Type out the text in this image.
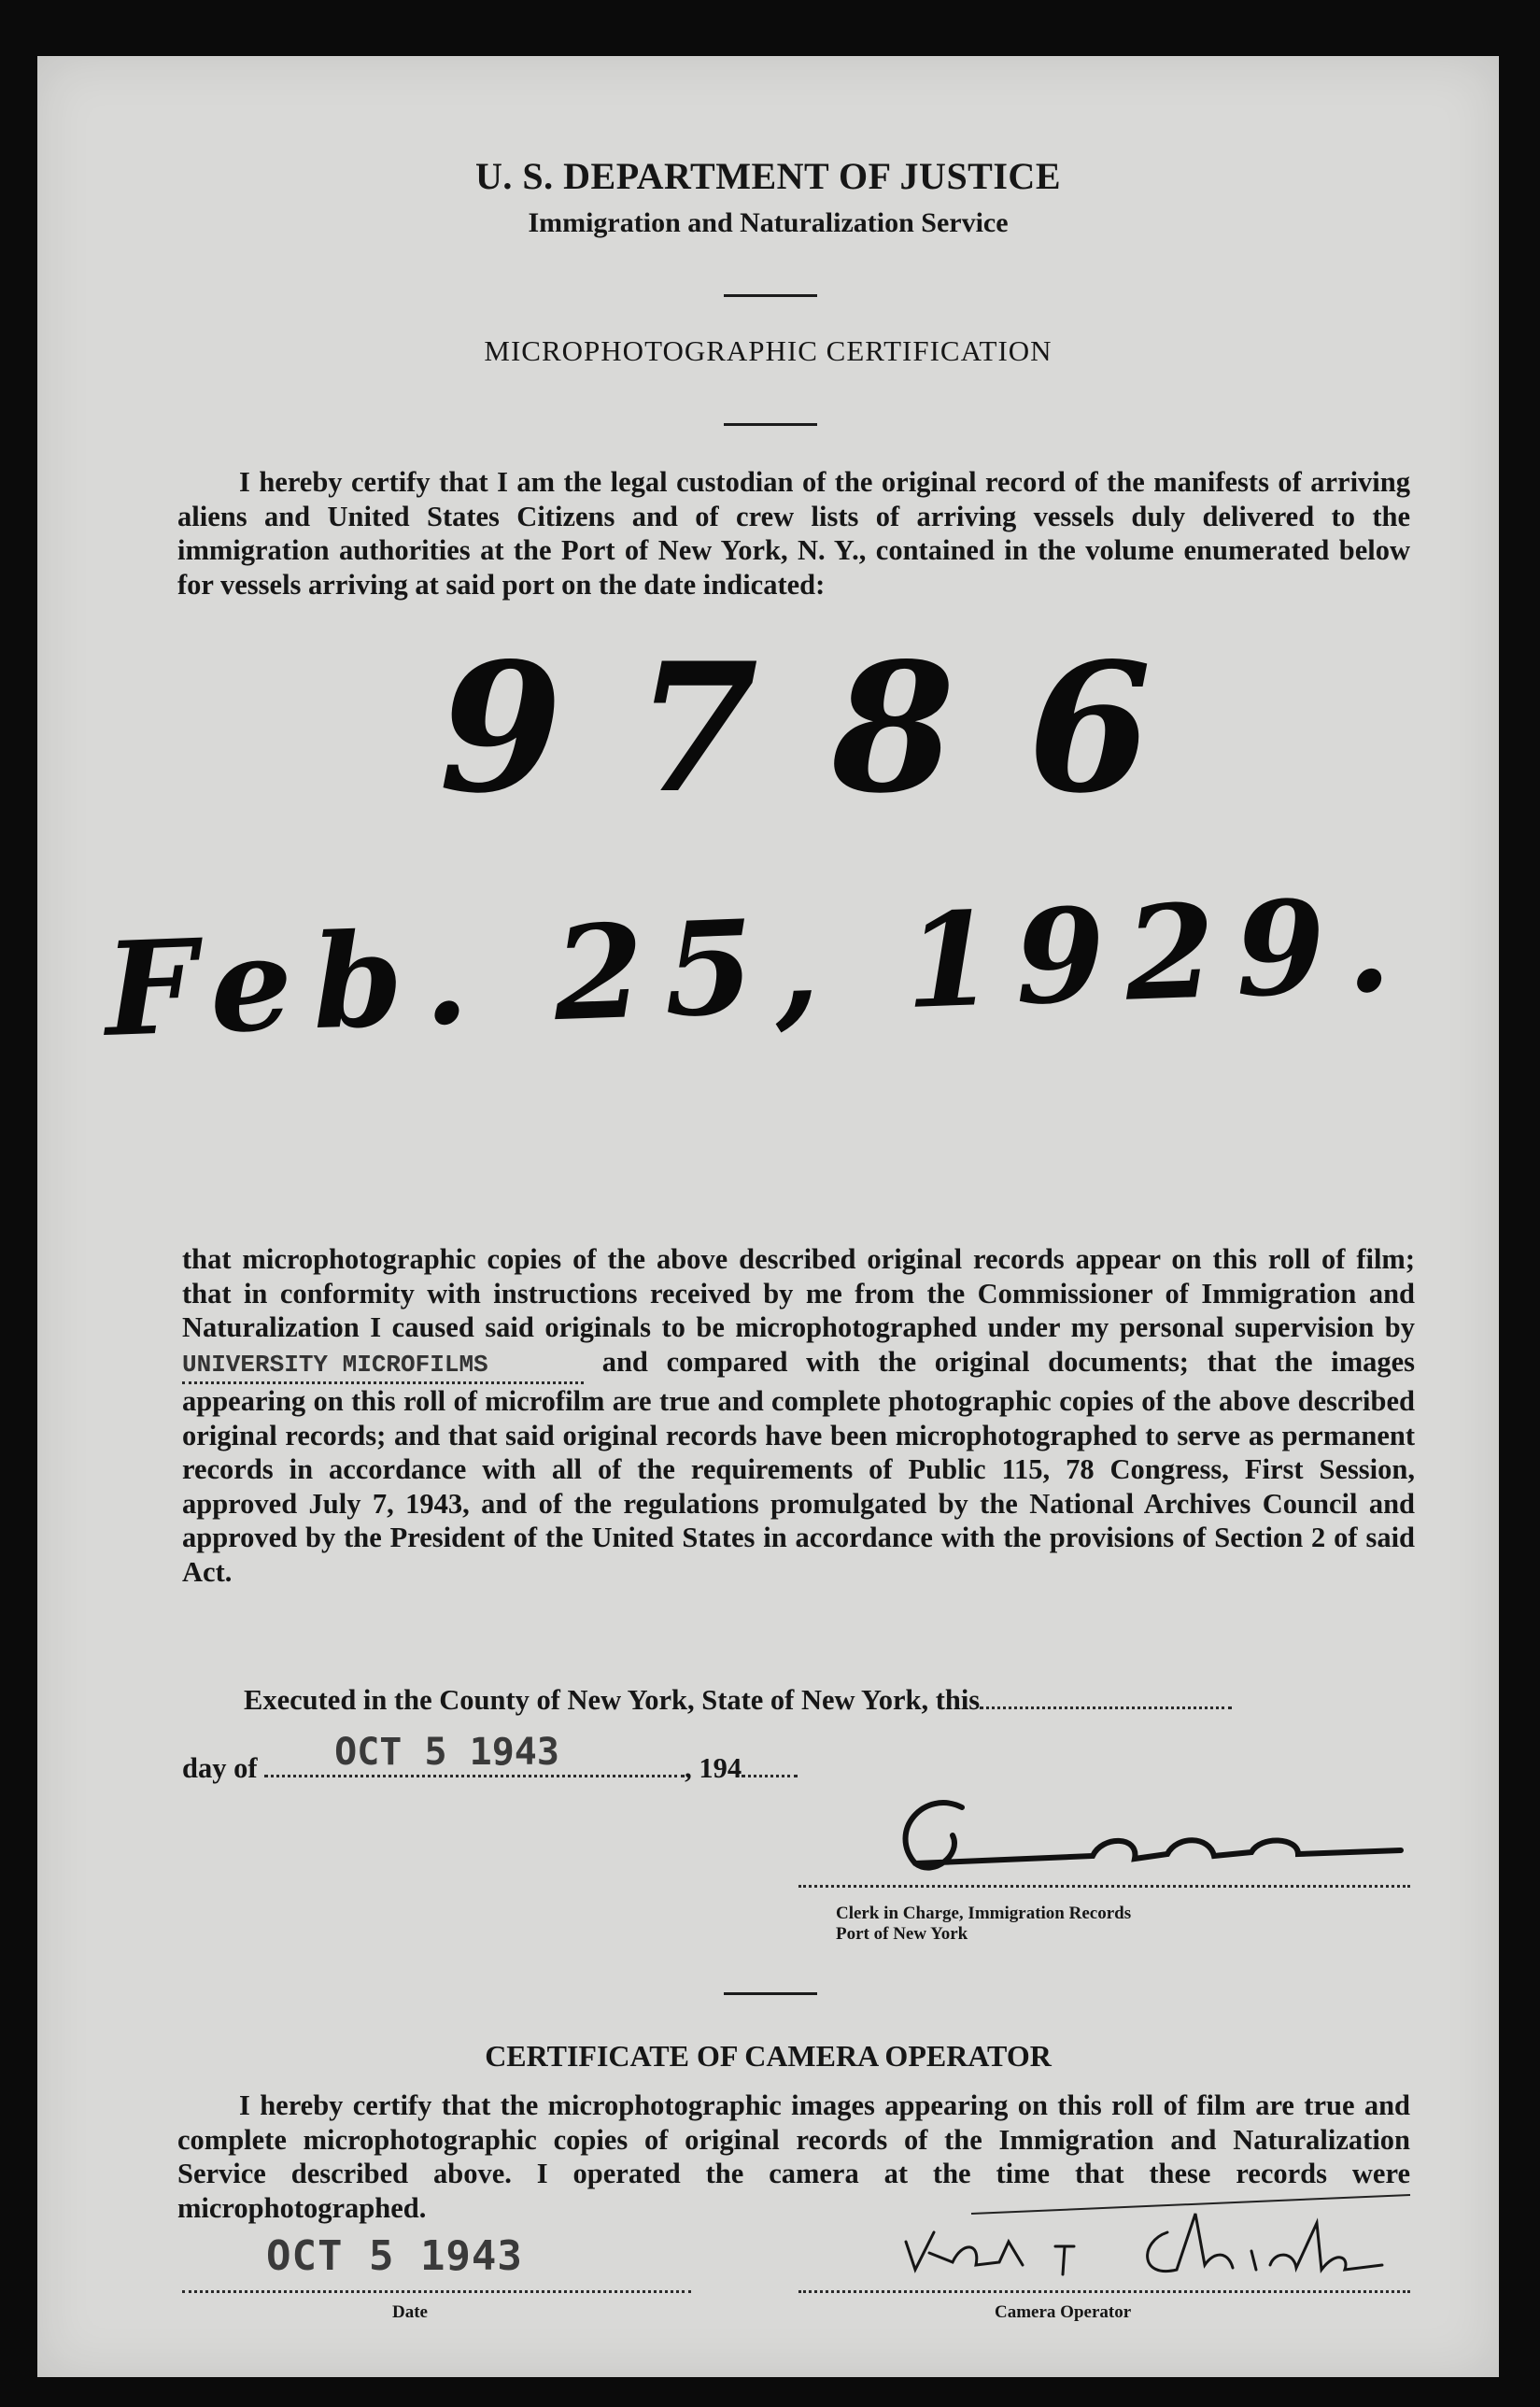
U. S. DEPARTMENT OF JUSTICE
Immigration and Naturalization Service
MICROPHOTOGRAPHIC CERTIFICATION
I hereby certify that I am the legal custodian of the original record of the manifests of arriving aliens and United States Citizens and of crew lists of arriving vessels duly delivered to the immigration authorities at the Port of New York, N. Y., contained in the volume enumerated below for vessels arriving at said port on the date indicated:
9786
Feb. 25, 1929.
that microphotographic copies of the above described original records appear on this roll of film; that in conformity with instructions received by me from the Commissioner of Immigration and Naturalization I caused said originals to be microphotographed under my personal supervision by UNIVERSITY MICROFILMS	and compared with the original documents; that the images appearing on this roll of microfilm are true and complete photographic copies of the above described original records; and that said original records have been microphotographed to serve as permanent records in accordance with all of the requirements of Public 115, 78 Congress, First Session, approved July 7, 1943, and of the regulations promulgated by the National Archives Council and approved by the President of the United States in accordance with the provisions of Section 2 of said Act.
Executed in the County of New York, State of New York, this
day of OCT 5 1943	, 194
Clerk in Charge, Immigration Records
Port of New York
CERTIFICATE OF CAMERA OPERATOR
I hereby certify that the microphotographic images appearing on this roll of film are true and complete microphotographic copies of original records of the Immigration and Naturalization Service described above. I operated the camera at the time that these records were microphotographed.
OCT 5 1943
Date	Camera Operator
